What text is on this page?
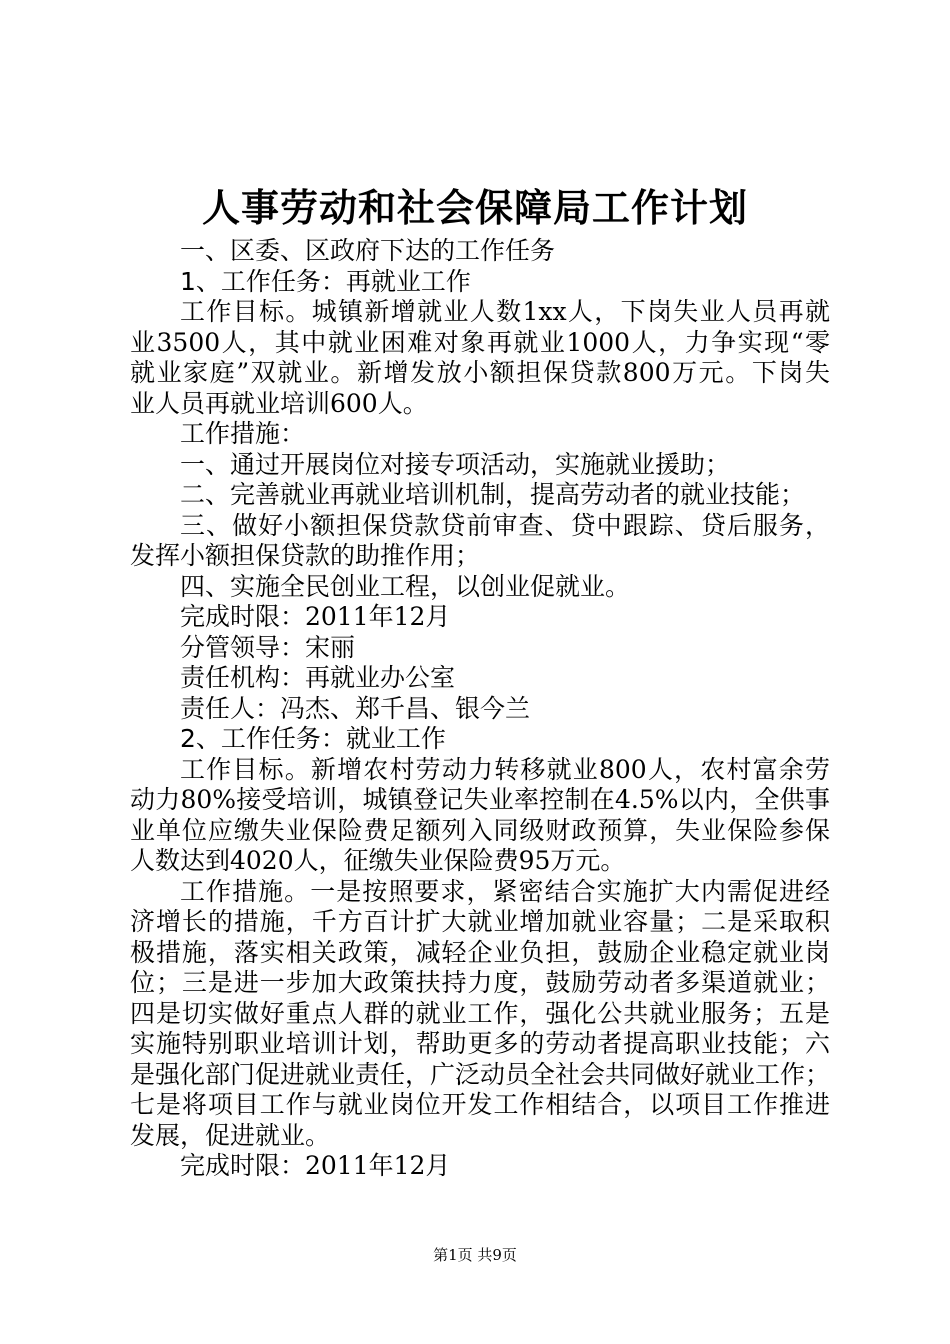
人事劳动和社会保障局工作计划
一、区委、区政府下达的工作任务
1、工作任务：再就业工作
工作目标。城镇新增就业人数1xx人，下岗失业人员再就
业3500人，其中就业困难对象再就业1000人，力争实现“零
就业家庭”双就业。新增发放小额担保贷款800万元。下岗失
业人员再就业培训600人。
工作措施：
一、通过开展岗位对接专项活动，实施就业援助；
二、完善就业再就业培训机制，提高劳动者的就业技能；
三、做好小额担保贷款贷前审查、贷中跟踪、贷后服务，
发挥小额担保贷款的助推作用；
四、实施全民创业工程，以创业促就业。
完成时限：2011年12月
分管领导：宋丽
责任机构：再就业办公室
责任人：冯杰、郑千昌、银今兰
2、工作任务：就业工作
工作目标。新增农村劳动力转移就业800人，农村富余劳
动力80%接受培训，城镇登记失业率控制在4.5%以内，全供事
业单位应缴失业保险费足额列入同级财政预算，失业保险参保
人数达到4020人，征缴失业保险费95万元。
工作措施。一是按照要求，紧密结合实施扩大内需促进经
济增长的措施，千方百计扩大就业增加就业容量；二是采取积
极措施，落实相关政策，减轻企业负担，鼓励企业稳定就业岗
位；三是进一步加大政策扶持力度，鼓励劳动者多渠道就业；
四是切实做好重点人群的就业工作，强化公共就业服务；五是
实施特别职业培训计划，帮助更多的劳动者提高职业技能；六
是强化部门促进就业责任，广泛动员全社会共同做好就业工作；
七是将项目工作与就业岗位开发工作相结合，以项目工作推进
发展，促进就业。
完成时限：2011年12月
第1页 共9页
